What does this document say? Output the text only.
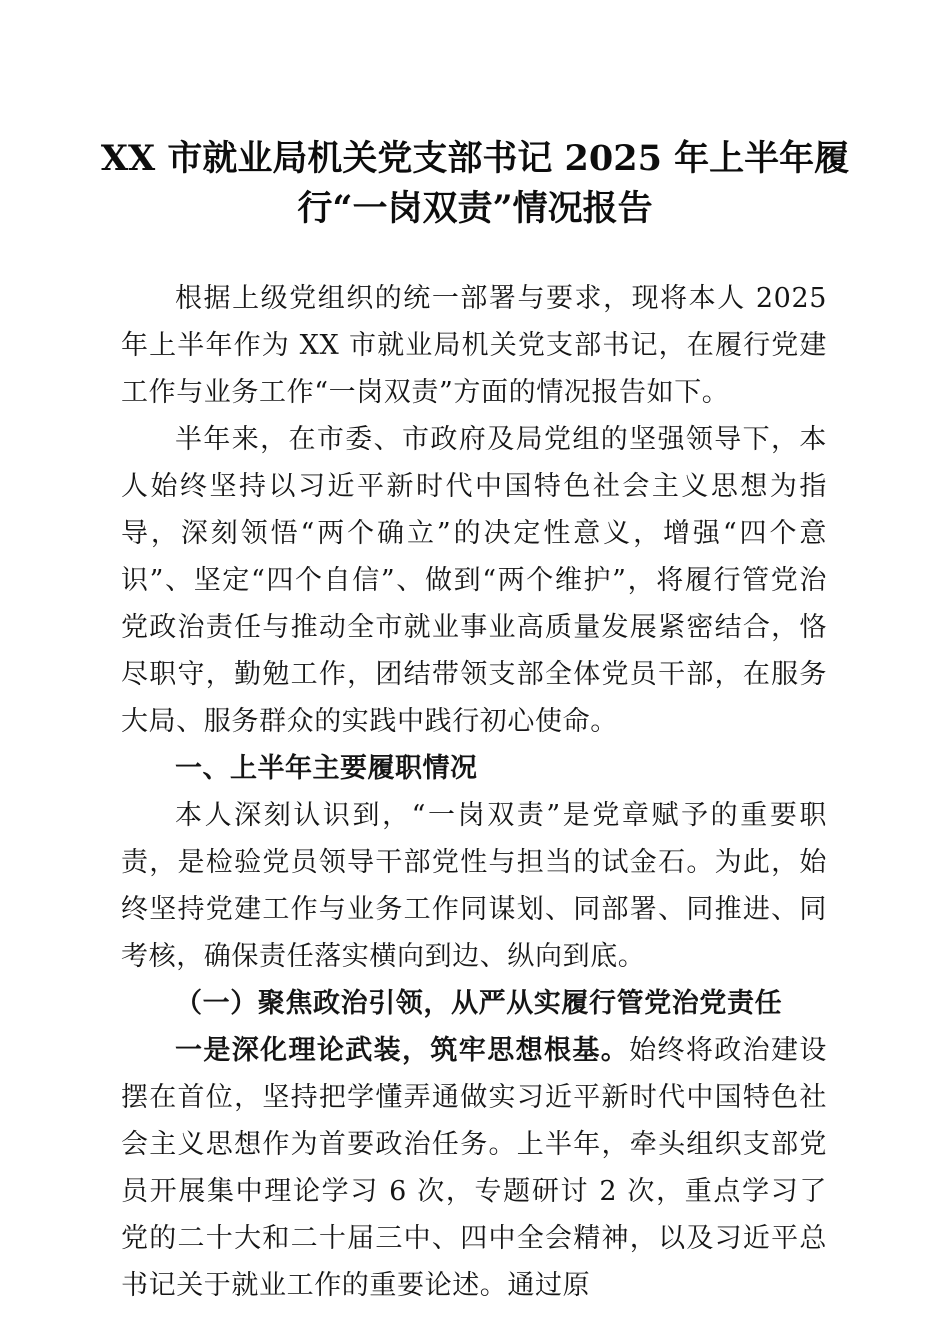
XX 市就业局机关党支部书记 2025 年上半年履
行“一岗双责”情况报告

根据上级党组织的统一部署与要求，现将本人 2025 年上半年作为 XX 市就业局机关党支部书记，在履行党建工作与业务工作“一岗双责”方面的情况报告如下。

半年来，在市委、市政府及局党组的坚强领导下，本人始终坚持以习近平新时代中国特色社会主义思想为指导，深刻领悟“两个确立”的决定性意义，增强“四个意识”、坚定“四个自信”、做到“两个维护”，将履行管党治党政治责任与推动全市就业事业高质量发展紧密结合，恪尽职守，勤勉工作，团结带领支部全体党员干部，在服务大局、服务群众的实践中践行初心使命。

一、上半年主要履职情况

本人深刻认识到，“一岗双责”是党章赋予的重要职责，是检验党员领导干部党性与担当的试金石。为此，始终坚持党建工作与业务工作同谋划、同部署、同推进、同考核，确保责任落实横向到边、纵向到底。

（一）聚焦政治引领，从严从实履行管党治党责任

一是深化理论武装，筑牢思想根基。始终将政治建设摆在首位，坚持把学懂弄通做实习近平新时代中国特色社会主义思想作为首要政治任务。上半年，牵头组织支部党员开展集中理论学习 6 次，专题研讨 2 次，重点学习了党的二十大和二十届三中、四中全会精神，以及习近平总书记关于就业工作的重要论述。通过原
